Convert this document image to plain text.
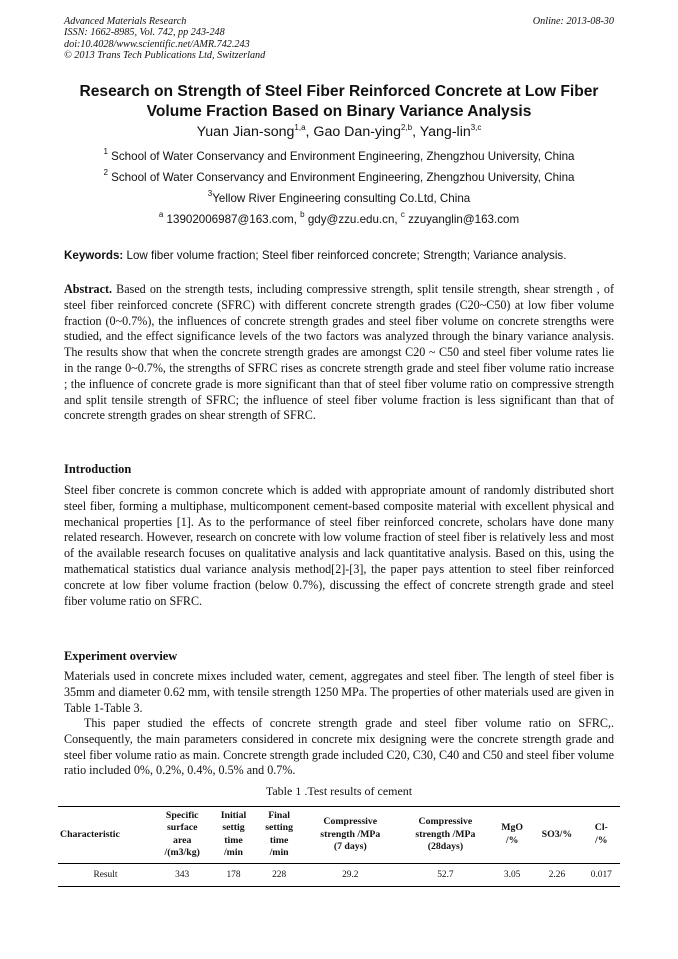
Advanced Materials Research
ISSN: 1662-8985, Vol. 742, pp 243-248
doi:10.4028/www.scientific.net/AMR.742.243
© 2013 Trans Tech Publications Ltd, Switzerland
Online: 2013-08-30
Research on Strength of Steel Fiber Reinforced Concrete at Low Fiber
Volume Fraction Based on Binary Variance Analysis
Yuan Jian-song$^{1,a}$, Gao Dan-ying$^{2,b}$, Yang-lin$^{3,c}$
$^1$ School of Water Conservancy and Environment Engineering, Zhengzhou University, China
$^2$ School of Water Conservancy and Environment Engineering, Zhengzhou University, China
$^3$Yellow River Engineering consulting Co.Ltd, China
$^a$ 13902006987@163.com, $^b$ gdy@zzu.edu.cn, $^c$ zzuyanglin@163.com
Keywords: Low fiber volume fraction; Steel fiber reinforced concrete; Strength; Variance analysis.
Abstract. Based on the strength tests, including compressive strength, split tensile strength, shear strength , of steel fiber reinforced concrete (SFRC) with different concrete strength grades (C20~C50) at low fiber volume fraction (0~0.7%), the influences of concrete strength grades and steel fiber volume on concrete strengths were studied, and the effect significance levels of the two factors was analyzed through the binary variance analysis. The results show that when the concrete strength grades are amongst C20 ~ C50 and steel fiber volume rates lie in the range 0~0.7%, the strengths of SFRC rises as concrete strength grade and steel fiber volume ratio increase ; the influence of concrete grade is more significant than that of steel fiber volume ratio on compressive strength and split tensile strength of SFRC; the influence of steel fiber volume fraction is less significant than that of concrete strength grades on shear strength of SFRC.
Introduction
Steel fiber concrete is common concrete which is added with appropriate amount of randomly distributed short steel fiber, forming a multiphase, multicomponent cement-based composite material with excellent physical and mechanical properties [1]. As to the performance of steel fiber reinforced concrete, scholars have done many related research. However, research on concrete with low volume fraction of steel fiber is relatively less and most of the available research focuses on qualitative analysis and lack quantitative analysis. Based on this, using the mathematical statistics dual variance analysis method[2]-[3], the paper pays attention to steel fiber reinforced concrete at low fiber volume fraction (below 0.7%), discussing the effect of concrete strength grade and steel fiber volume ratio on SFRC.
Experiment overview
Materials used in concrete mixes included water, cement, aggregates and steel fiber. The length of steel fiber is 35mm and diameter 0.62 mm, with tensile strength 1250 MPa. The properties of other materials used are given in Table 1-Table 3.
This paper studied the effects of concrete strength grade and steel fiber volume ratio on SFRC,. Consequently, the main parameters considered in concrete mix designing were the concrete strength grade and steel fiber volume ratio as main. Concrete strength grade included C20, C30, C40 and C50 and steel fiber volume ratio included 0%, 0.2%, 0.4%, 0.5% and 0.7%.
Table 1 .Test results of cement
Characteristic	Specific
surface
area
/(m3/kg)	Initial
settig
time
/min	Final
setting
time
/min	Compressive
strength /MPa
(7 days)	Compressive
strength /MPa
(28days)	MgO
/%	SO3/%	Cl-
/%
Result	343	178	228	29.2	52.7	3.05	2.26	0.017
